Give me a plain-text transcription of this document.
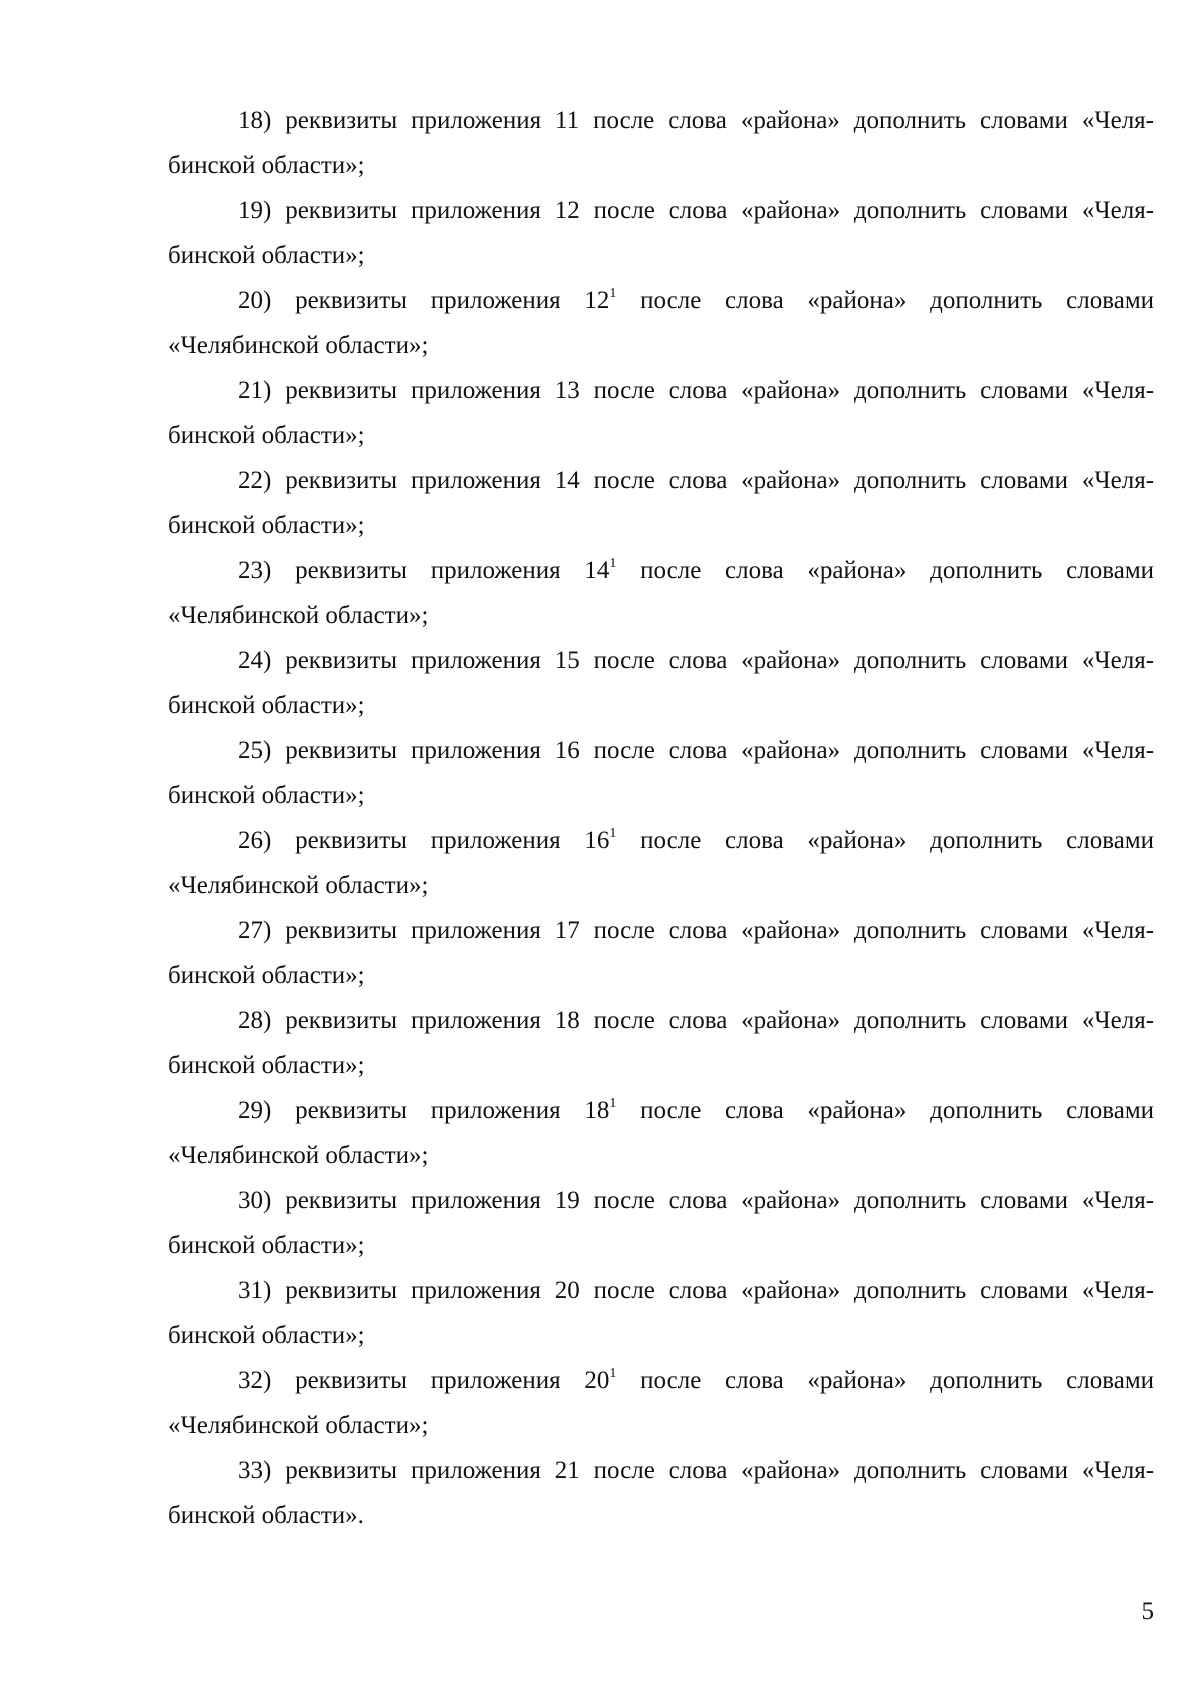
18) реквизиты приложения 11 после слова «района» дополнить словами «Челя-

бинской области»;

19) реквизиты приложения 12 после слова «района» дополнить словами «Челя-

бинской области»;

20) реквизиты приложения $12^1$ после слова «района» дополнить словами

«Челябинской области»;

21) реквизиты приложения 13 после слова «района» дополнить словами «Челя-

бинской области»;

22) реквизиты приложения 14 после слова «района» дополнить словами «Челя-

бинской области»;

23) реквизиты приложения $14^1$ после слова «района» дополнить словами

«Челябинской области»;

24) реквизиты приложения 15 после слова «района» дополнить словами «Челя-

бинской области»;

25) реквизиты приложения 16 после слова «района» дополнить словами «Челя-

бинской области»;

26) реквизиты приложения $16^1$ после слова «района» дополнить словами

«Челябинской области»;

27) реквизиты приложения 17 после слова «района» дополнить словами «Челя-

бинской области»;

28) реквизиты приложения 18 после слова «района» дополнить словами «Челя-

бинской области»;

29) реквизиты приложения $18^1$ после слова «района» дополнить словами

«Челябинской области»;

30) реквизиты приложения 19 после слова «района» дополнить словами «Челя-

бинской области»;

31) реквизиты приложения 20 после слова «района» дополнить словами «Челя-

бинской области»;

32) реквизиты приложения $20^1$ после слова «района» дополнить словами

«Челябинской области»;

33) реквизиты приложения 21 после слова «района» дополнить словами «Челя-

бинской области».

5
